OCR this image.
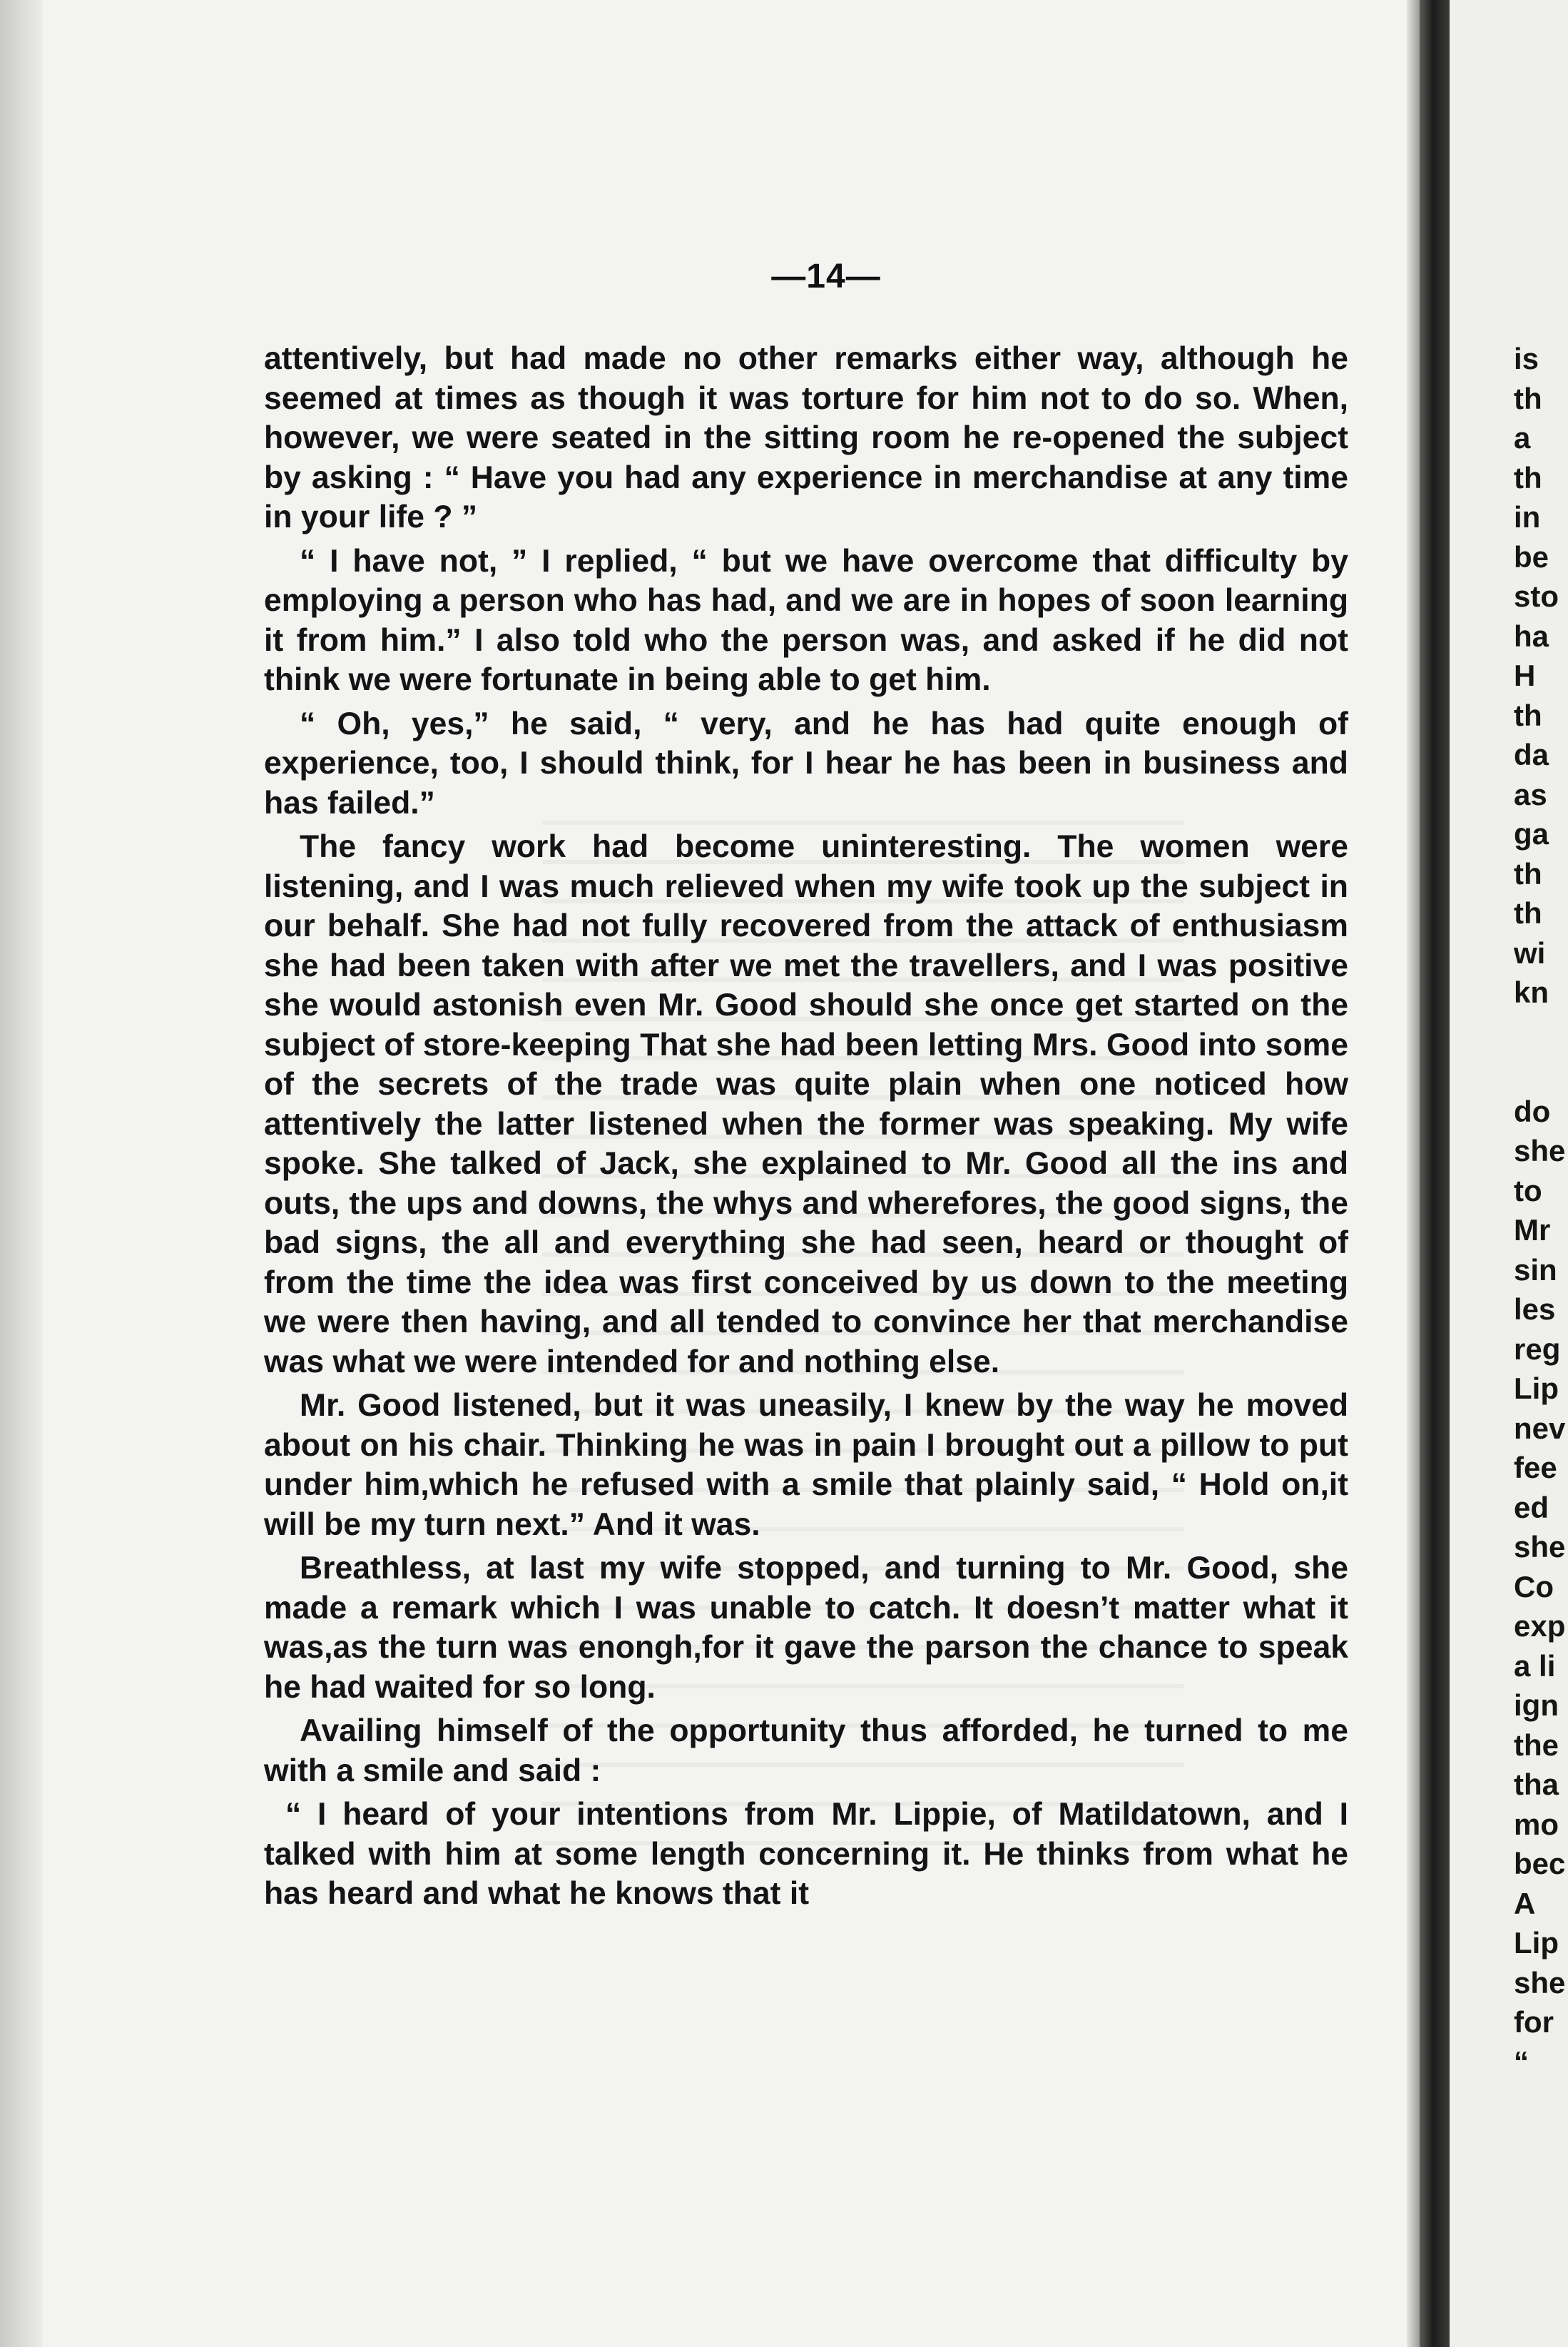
—14—

attentively, but had made no other remarks either way, although he seemed at times as though it was torture for him not to do so. When, however, we were seated in the sitting room he re-opened the subject by asking : “ Have you had any experience in merchandise at any time in your life ? ”

“ I have not, ” I replied, “ but we have overcome that difficulty by employing a person who has had, and we are in hopes of soon learning it from him.” I also told who the person was, and asked if he did not think we were fortunate in being able to get him.

“ Oh, yes,” he said, “ very, and he has had quite enough of experience, too, I should think, for I hear he has been in business and has failed.”

The fancy work had become uninteresting. The women were listening, and I was much relieved when my wife took up the subject in our behalf. She had not fully recovered from the attack of enthusiasm she had been taken with after we met the travellers, and I was positive she would astonish even Mr. Good should she once get started on the subject of store-keeping That she had been letting Mrs. Good into some of the secrets of the trade was quite plain when one noticed how attentively the latter listened when the former was speaking. My wife spoke. She talked of Jack, she explained to Mr. Good all the ins and outs, the ups and downs, the whys and wherefores, the good signs, the bad signs, the all and everything she had seen, heard or thought of from the time the idea was first conceived by us down to the meeting we were then having, and all tended to convince her that merchandise was what we were intended for and nothing else.

Mr. Good listened, but it was uneasily, I knew by the way he moved about on his chair. Thinking he was in pain I brought out a pillow to put under him,which he refused with a smile that plainly said, “ Hold on,it will be my turn next.” And it was.

Breathless, at last my wife stopped, and turning to Mr. Good, she made a remark which I was unable to catch. It doesn’t matter what it was,as the turn was enongh,for it gave the parson the chance to speak he had waited for so long.

Availing himself of the opportunity thus afforded, he turned to me with a smile and said :

“ I heard of your intentions from Mr. Lippie, of Matildatown, and I talked with him at some length concerning it. He thinks from what he has heard and what he knows that it

is
th
a
th
in
be
sto
ha
H
th
da
as
ga
th
th
wi
kn
do
she
to
Mr
sin
les
reg
Lip
nev
fee
ed
she
Co
exp
a li
ign
the
tha
mo
bec
A
Lip
she
for
“
